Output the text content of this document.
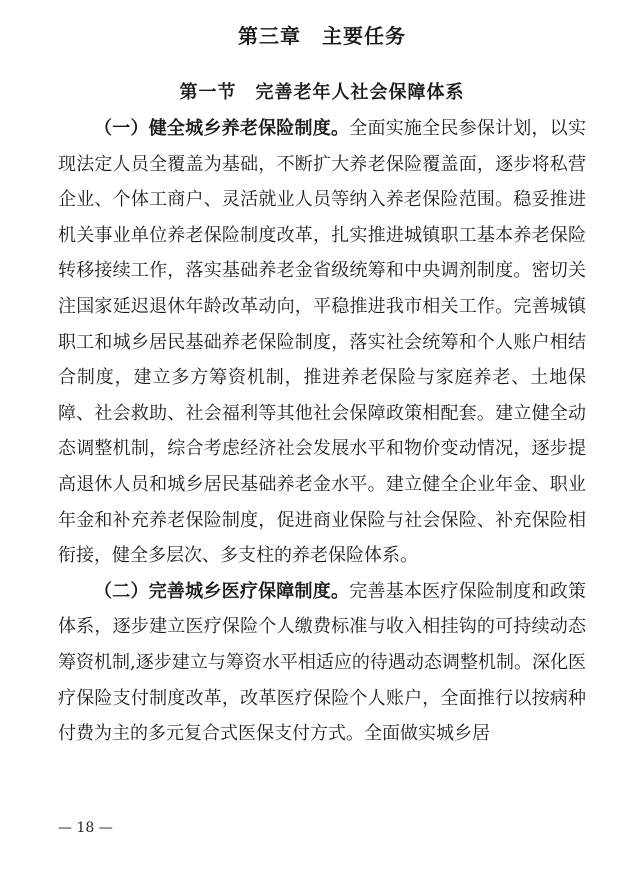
第三章　主要任务
第一节　完善老年人社会保障体系

（一）健全城乡养老保险制度。全面实施全民参保计划，以实现法定人员全覆盖为基础，不断扩大养老保险覆盖面，逐步将私营企业、个体工商户、灵活就业人员等纳入养老保险范围。稳妥推进机关事业单位养老保险制度改革，扎实推进城镇职工基本养老保险转移接续工作，落实基础养老金省级统筹和中央调剂制度。密切关注国家延迟退休年龄改革动向，平稳推进我市相关工作。完善城镇职工和城乡居民基础养老保险制度，落实社会统筹和个人账户相结合制度，建立多方筹资机制，推进养老保险与家庭养老、土地保障、社会救助、社会福利等其他社会保障政策相配套。建立健全动态调整机制，综合考虑经济社会发展水平和物价变动情况，逐步提高退休人员和城乡居民基础养老金水平。建立健全企业年金、职业年金和补充养老保险制度，促进商业保险与社会保险、补充保险相衔接，健全多层次、多支柱的养老保险体系。

（二）完善城乡医疗保障制度。完善基本医疗保险制度和政策体系，逐步建立医疗保险个人缴费标准与收入相挂钩的可持续动态筹资机制,逐步建立与筹资水平相适应的待遇动态调整机制。深化医疗保险支付制度改革，改革医疗保险个人账户，全面推行以按病种付费为主的多元复合式医保支付方式。全面做实城乡居

— 18 —
